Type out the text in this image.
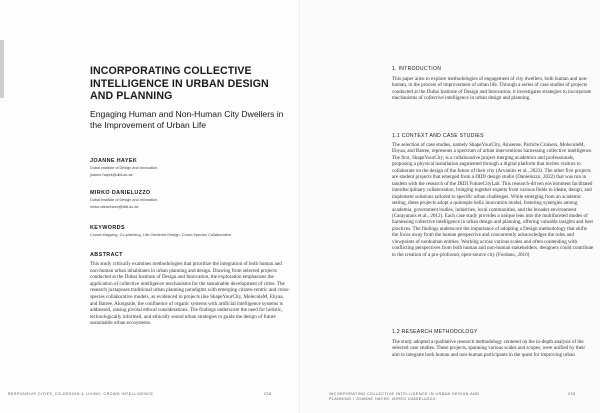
INCORPORATING COLLECTIVE INTELLIGENCE IN URBAN DESIGN AND PLANNING
Engaging Human and Non-Human City Dwellers in the Improvement of Urban Life
JOANNE HAYEK
Dubai Institute of Design and Innovation
joanne.hayek@didi.ac.ae
MIRKO DANIELUZZO
Dubai Institute of Design and Innovation
mirko.danieluzzo@didi.ac.ae
KEYWORDS
Crowd-Mapping, Co-planning, Life-Centered Design, Cross-Species Collaboration
ABSTRACT
This study critically examines methodologies that prioritize the integration of both human and non-human urban inhabitants in urban planning and design. Drawing from selected projects conducted at the Dubai Institute of Design and Innovation, the exploration emphasizes the application of collective intelligence mechanisms for the sustainable development of cities. The research juxtaposes traditional urban planning paradigms with emerging citizen-centric and cross-species collaborative models, as evidenced in projects like ShapeYourCity, MoleculeM, Ehyaa, and Batree. Alongside, the confluence of organic systems with artificial intelligence systems is addressed, raising pivotal ethical considerations. The findings underscore the need for holistic, technologically informed, and ethically sound urban strategies to guide the design of future sustainable urban ecosystems.
RESPONSIVE CITIES_CO-DESIGN & LIVING, CROWD INTELLIGENCE	238
1. INTRODUCTION
This paper aims to explore methodologies of engagement of city dwellers, both human and non-human, in the process of improvement of urban life. Through a series of case studies of projects conducted at the Dubai Institute of Design and Innovation, it investigates strategies to incorporate mechanisms of collective intelligence in urban design and planning.
1.1 CONTEXT AND CASE STUDIES
The selection of case studies, namely ShapeYourCity, Ainsense, Particle Cruisers, MoleculeM, Ehyaa, and Batree, represents a spectrum of urban interventions harnessing collective intelligence. The first, ShapeYourCity, is a collaborative project merging academics and professionals, proposing a physical installation augmented through a digital platform that invites visitors to collaborate on the design of the future of their city (Arvanitis et al., 2023). The other five projects are student projects that emerged from a DIDI design studio (Danieluzzo, 2022) that was run in tandem with the research of the DIDI FutureCityLab. This research-driven environment facilitated interdisciplinary collaboration, bringing together experts from various fields to ideate, design, and implement solutions tailored to specific urban challenges. While emerging from an academic setting, these projects adopt a quintuple helix innovation model, fostering synergies among academia, government bodies, industries, local communities, and the broader environment (Carayannis et al., 2012). Each case study provides a unique lens into the multifaceted modes of harnessing collective intelligence in urban design and planning, offering valuable insights and best practices. The findings underscore the importance of adopting a Design methodology that shifts the focus away from the human perspective and concurrently acknowledges the roles and viewpoints of nonhuman entities. Working across various scales and often contending with conflicting perspectives from both human and non-human stakeholders, designers could contribute to the creation of a pro-profound, open-source city (Fordano, 2016)
1.2 RESEARCH METHODOLOGY
The study adopted a qualitative research methodology centered on the in-depth analysis of the selected case studies. These projects, spanning various scales and scopes, were unified by their aim to integrate both human and non-human participants in the quest for improving urban
INCORPORATING COLLECTIVE INTELLIGENCE IN URBAN DESIGN AND
PLANNING / JOANNE HAYEK, MIRKO DANIELUZZO
239
